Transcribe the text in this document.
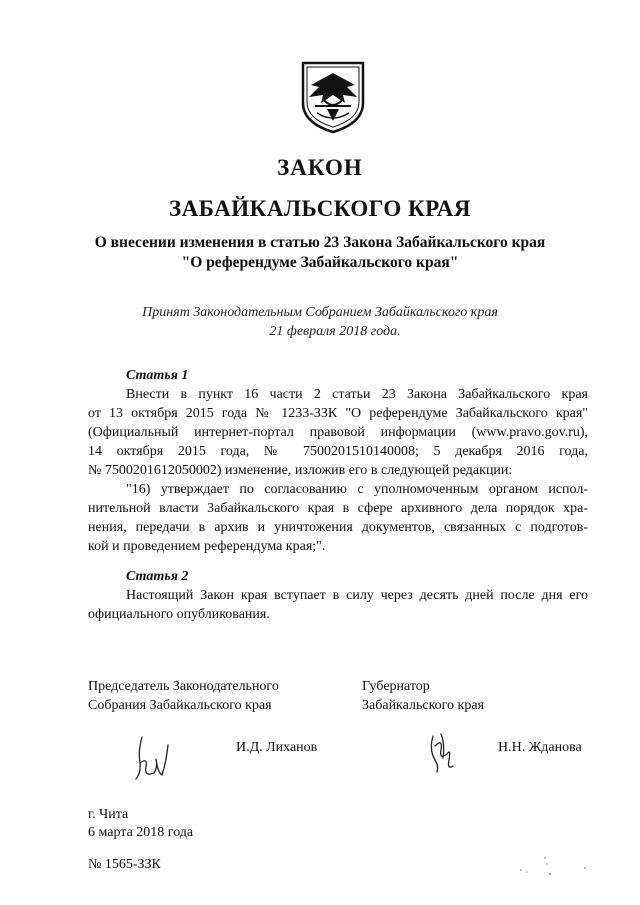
ЗАКОН
ЗАБАЙКАЛЬСКОГО КРАЯ
О внесении изменения в статью 23 Закона Забайкальского края
"О референдуме Забайкальского края"
Принят Законодательным Собранием Забайкальского края
21 февраля 2018 года.
Статья 1
Внести в пункт 16 части 2 статьи 23 Закона Забайкальского края
от 13 октября 2015 года № 1233-ЗЗК "О референдуме Забайкальского края"
(Официальный интернет-портал правовой информации (www.pravo.gov.ru),
14 октября 2015 года, № 7500201510140008; 5 декабря 2016 года,
№ 7500201612050002) изменение, изложив его в следующей редакции:
"16) утверждает по согласованию с уполномоченным органом испол-
нительной власти Забайкальского края в сфере архивного дела порядок хра-
нения, передачи в архив и уничтожения документов, связанных с подготов-
кой и проведением референдума края;".
Статья 2
Настоящий Закон края вступает в силу через десять дней после дня его
официального опубликования.
Председатель Законодательного
Собрания Забайкальского края
Губернатор
Забайкальского края
И.Д. Лиханов	Н.Н. Жданова
г. Чита
6 марта 2018 года
№ 1565-ЗЗК
